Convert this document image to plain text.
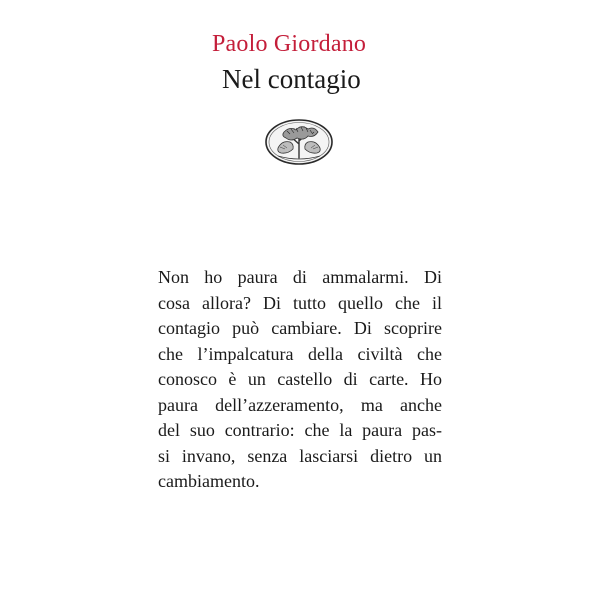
Paolo Giordano
Nel contagio
Non ho paura di ammalarmi. Di
cosa allora? Di tutto quello che il
contagio può cambiare. Di scoprire
che l’impalcatura della civiltà che
conosco è un castello di carte. Ho
paura dell’azzeramento, ma anche
del suo contrario: che la paura pas-
si invano, senza lasciarsi dietro un
cambiamento.
